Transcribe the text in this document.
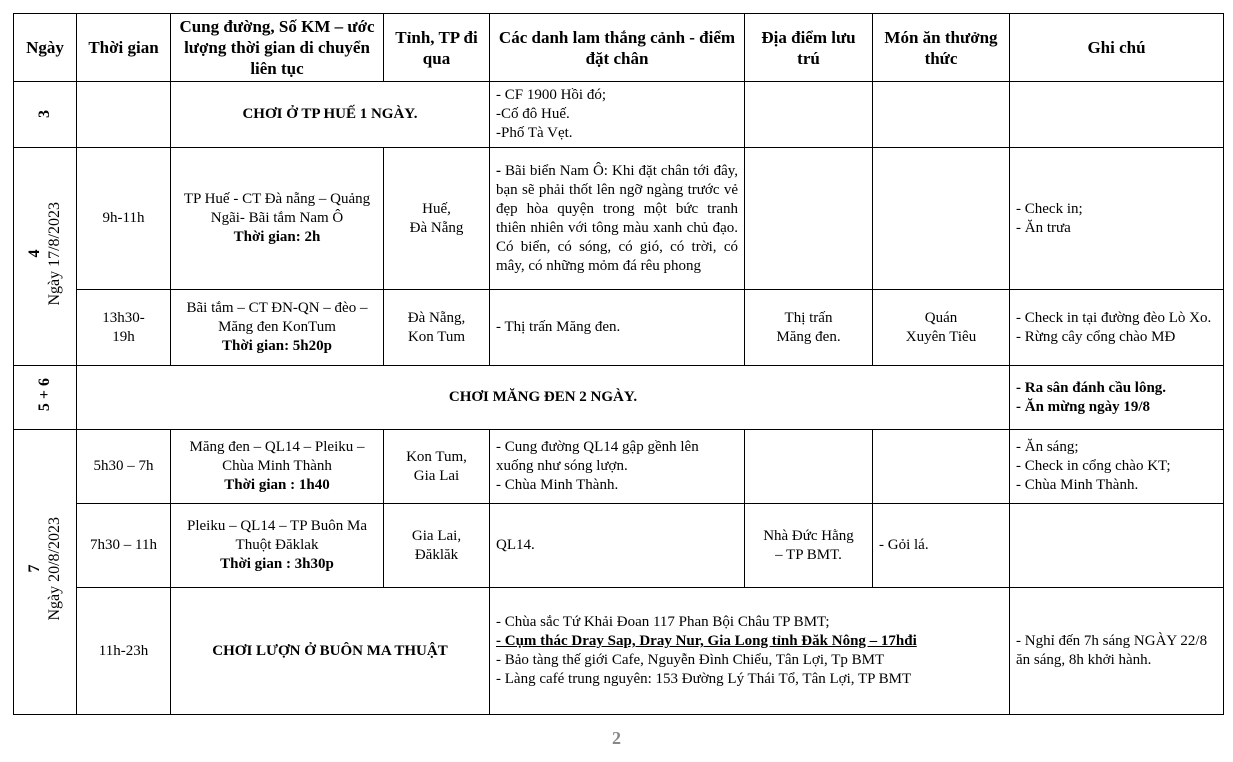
Ngày	Thời gian	Cung đường, Số KM – ước lượng thời gian di chuyển liên tục	Tỉnh, TP đi qua	Các danh lam thắng cảnh - điểm đặt chân	Địa điểm lưu trú	Món ăn thưởng thức	Ghi chú

3		CHƠI Ở TP HUẾ 1 NGÀY.		- CF 1900 Hồi đó;
-Cố đô Huế.
-Phố Tà Vẹt.			

4 Ngày 17/8/2023	9h-11h	TP Huế - CT Đà nẵng – Quảng Ngãi- Bãi tắm Nam Ô
Thời gian: 2h	Huế,
Đà Nẵng	- Bãi biển Nam Ô: Khi đặt chân tới đây, bạn sẽ phải thốt lên ngỡ ngàng trước vẻ đẹp hòa quyện trong một bức tranh thiên nhiên với tông màu xanh chủ đạo. Có biển, có sóng, có gió, có trời, có mây, có những mỏm đá rêu phong			- Check in;
- Ăn trưa

	13h30-
19h	Bãi tắm – CT ĐN-QN – đèo – Măng đen KonTum
Thời gian: 5h20p	Đà Nẵng,
Kon Tum	- Thị trấn Măng đen.	Thị trấn
Măng đen.	Quán
Xuyên Tiêu	- Check in tại đường đèo Lò Xo.
- Rừng cây cổng chào MĐ

5 + 6	CHƠI MĂNG ĐEN 2 NGÀY.						- Ra sân đánh cầu lông.
- Ăn mừng ngày 19/8

7 Ngày 20/8/2023	5h30 – 7h	Măng đen – QL14 – Pleiku – Chùa Minh Thành
Thời gian : 1h40	Kon Tum,
Gia Lai	- Cung đường QL14 gập gềnh lên xuống như sóng lượn.
- Chùa Minh Thành.			- Ăn sáng;
- Check in cổng chào KT;
- Chùa Minh Thành.

	7h30 – 11h	Pleiku – QL14 – TP Buôn Ma Thuột Đăklak
Thời gian : 3h30p	Gia Lai,
Đăklăk	QL14.	Nhà Đức Hằng
– TP BMT.	- Gỏi lá.	
	11h-23h	CHƠI LƯỢN Ở BUÔN MA THUẬT		- Chùa sắc Tứ Khải Đoan 117 Phan Bội Châu TP BMT;
- Cụm thác Dray Sap, Dray Nur, Gia Long tỉnh Đăk Nông – 17hđi
- Bảo tàng thế giới Cafe, Nguyễn Đình Chiểu, Tân Lợi, Tp BMT
- Làng café trung nguyên: 153 Đường Lý Thái Tổ, Tân Lợi, TP BMT			- Nghỉ đến 7h sáng NGÀY 22/8 ăn sáng, 8h khởi hành.
2
